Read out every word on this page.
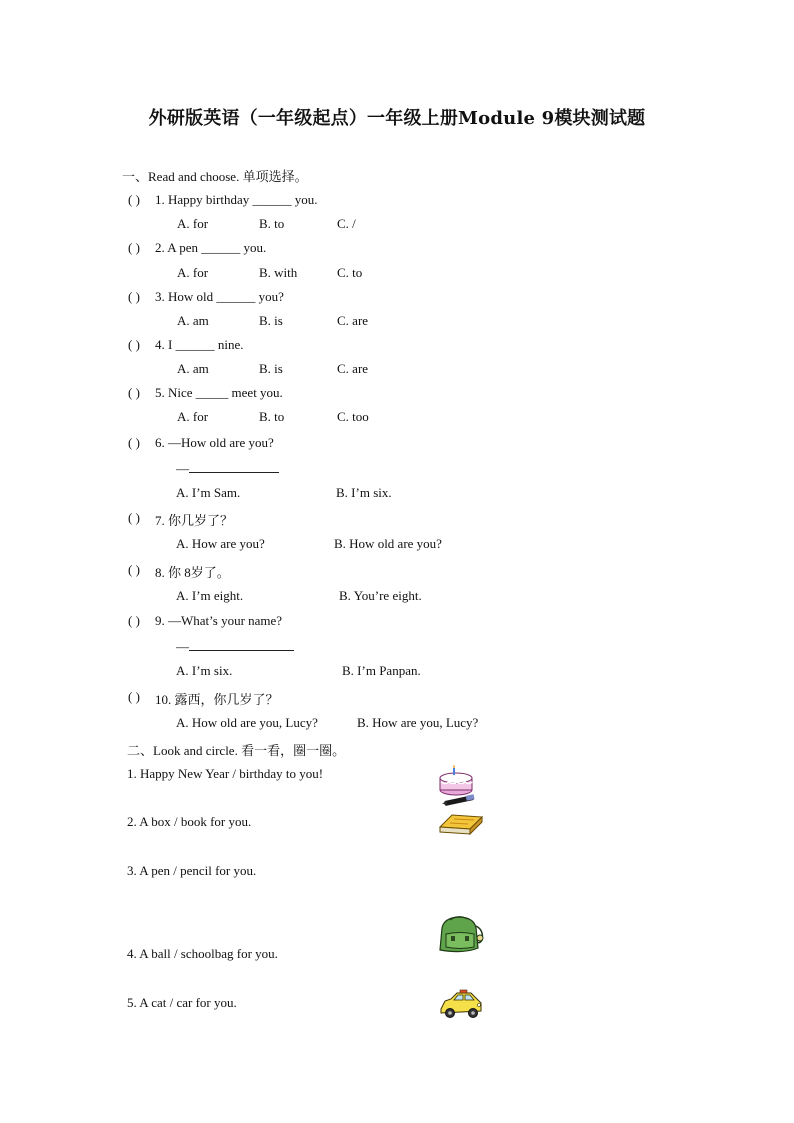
外研版英语（一年级起点）一年级上册Module 9模块测试题
一、Read and choose. 单项选择。
( ) 1. Happy birthday ______ you.
A. for	B. to	C. /
( ) 2. A pen ______ you.
A. for	B. with	C. to
( ) 3. How old ______ you?
A. am	B. is	C. are
( ) 4. I ______ nine.
A. am	B. is	C. are
( ) 5. Nice _____ meet you.
A. for	B. to	C. too
( ) 6. —How old are you?
—
A. I’m Sam.	B. I’m six.
( ) 7. 你几岁了？
A. How are you?	B. How old are you?
( ) 8. 你 8岁了。
A. I’m eight.	B. You’re eight.
( ) 9. —What’s your name?
—
A. I’m six.	B. I’m Panpan.
( ) 10. 露西，你几岁了？
A. How old are you, Lucy?	B. How are you, Lucy?
二、Look and circle. 看一看，圈一圈。
1. Happy New Year / birthday to you!
2. A box / book for you.
3. A pen / pencil for you.
4. A ball / schoolbag for you.
5. A cat / car for you.
